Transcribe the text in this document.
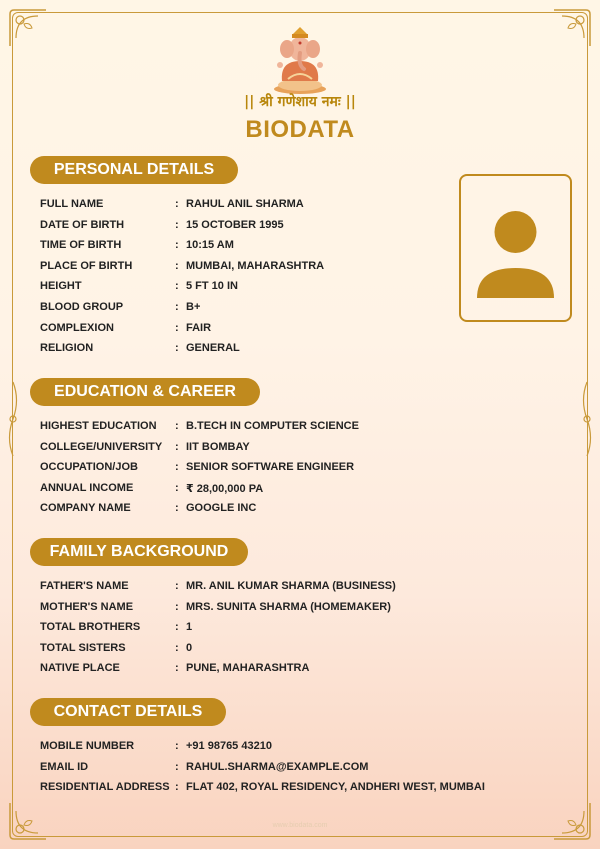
|| श्री गणेशाय नमः ||
BIODATA
PERSONAL DETAILS
FULL NAME	: RAHUL ANIL SHARMA
DATE OF BIRTH	: 15 OCTOBER 1995
TIME OF BIRTH	: 10:15 AM
PLACE OF BIRTH	: MUMBAI, MAHARASHTRA
HEIGHT	: 5 FT 10 IN
BLOOD GROUP	: B+
COMPLEXION	: FAIR
RELIGION	: GENERAL
EDUCATION & CAREER
HIGHEST EDUCATION : B.TECH IN COMPUTER SCIENCE
COLLEGE/UNIVERSITY : IIT BOMBAY
OCCUPATION/JOB	: SENIOR SOFTWARE ENGINEER
ANNUAL INCOME	: ₹ 28,00,000 PA
COMPANY NAME	: GOOGLE INC
FAMILY BACKGROUND
FATHER'S NAME	: MR. ANIL KUMAR SHARMA (BUSINESS)
MOTHER'S NAME	: MRS. SUNITA SHARMA (HOMEMAKER)
TOTAL BROTHERS	: 1
TOTAL SISTERS	: 0
NATIVE PLACE	: PUNE, MAHARASHTRA
CONTACT DETAILS
MOBILE NUMBER	: +91 98765 43210
EMAIL ID	: RAHUL.SHARMA@EXAMPLE.COM
RESIDENTIAL ADDRESS : FLAT 402, ROYAL RESIDENCY, ANDHERI WEST, MUMBAI
www.biodata.com
